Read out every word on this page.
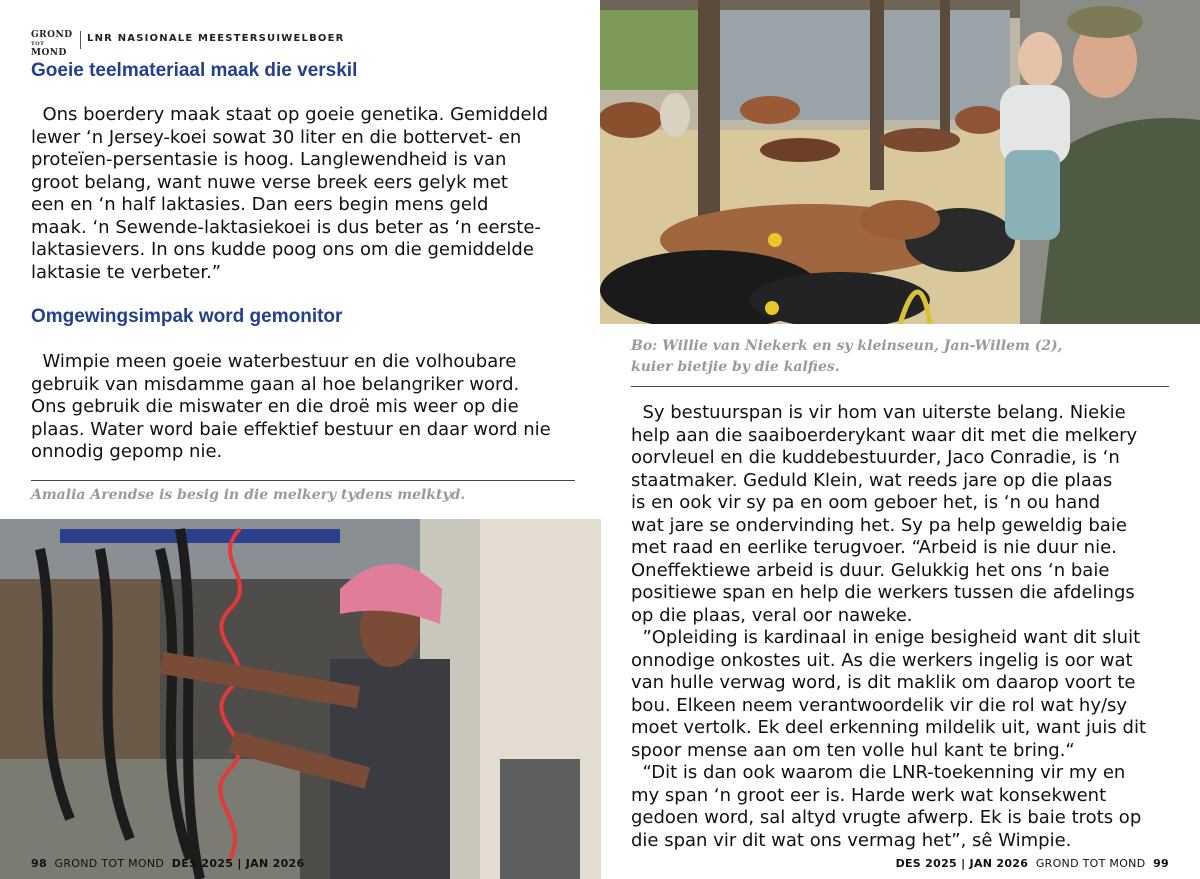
GROND
TOT
MOND
LNR NASIONALE MEESTERSUIWELBOER
Goeie teelmateriaal maak die verskil
Ons boerdery maak staat op goeie genetika. Gemiddeld
lewer ‘n Jersey-koei sowat 30 liter en die bottervet- en
proteïen-persentasie is hoog. Langlewendheid is van
groot belang, want nuwe verse breek eers gelyk met
een en ‘n half laktasies. Dan eers begin mens geld
maak. ‘n Sewende-laktasiekoei is dus beter as ‘n eerste-
laktasievers. In ons kudde poog ons om die gemiddelde
laktasie te verbeter.”
Omgewingsimpak word gemonitor
Wimpie meen goeie waterbestuur en die volhoubare
gebruik van misdamme gaan al hoe belangriker word.
Ons gebruik die miswater en die droë mis weer op die
plaas. Water word baie effektief bestuur en daar word nie
onnodig gepomp nie.
Amalia Arendse is besig in die melkery tydens melktyd.
Bo: Willie van Niekerk en sy kleinseun, Jan-Willem (2),
kuier bietjie by die kalfies.
Sy bestuurspan is vir hom van uiterste belang. Niekie
help aan die saaiboerderykant waar dit met die melkery
oorvleuel en die kuddebestuurder, Jaco Conradie, is ‘n
staatmaker. Geduld Klein, wat reeds jare op die plaas
is en ook vir sy pa en oom geboer het, is ‘n ou hand
wat jare se ondervinding het. Sy pa help geweldig baie
met raad en eerlike terugvoer. “Arbeid is nie duur nie.
Oneffektiewe arbeid is duur. Gelukkig het ons ‘n baie
positiewe span en help die werkers tussen die afdelings
op die plaas, veral oor naweke.
”Opleiding is kardinaal in enige besigheid want dit sluit
onnodige onkostes uit. As die werkers ingelig is oor wat
van hulle verwag word, is dit maklik om daarop voort te
bou. Elkeen neem verantwoordelik vir die rol wat hy/sy
moet vertolk. Ek deel erkenning mildelik uit, want juis dit
spoor mense aan om ten volle hul kant te bring.“
“Dit is dan ook waarom die LNR-toekenning vir my en
my span ‘n groot eer is. Harde werk wat konsekwent
gedoen word, sal altyd vrugte afwerp. Ek is baie trots op
die span vir dit wat ons vermag het”, sê Wimpie.
98 GROND TOT MOND DES 2025 | JAN 2026	DES 2025 | JAN 2026 GROND TOT MOND 99
